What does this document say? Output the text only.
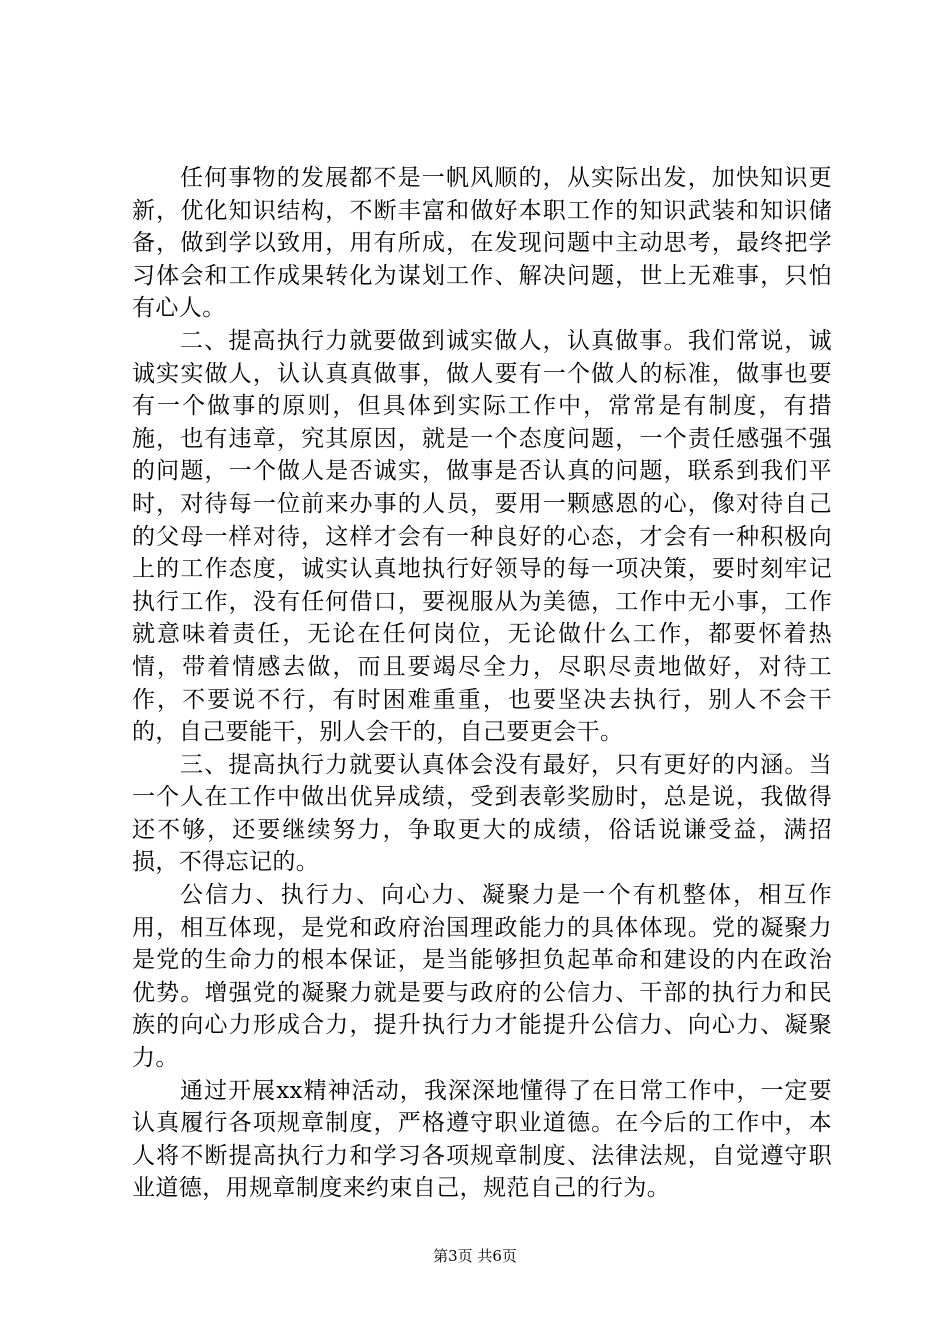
任何事物的发展都不是一帆风顺的，从实际出发，加快知识更新，优化知识结构，不断丰富和做好本职工作的知识武装和知识储备，做到学以致用，用有所成，在发现问题中主动思考，最终把学习体会和工作成果转化为谋划工作、解决问题，世上无难事，只怕有心人。

二、提高执行力就要做到诚实做人，认真做事。我们常说，诚诚实实做人，认认真真做事，做人要有一个做人的标准，做事也要有一个做事的原则，但具体到实际工作中，常常是有制度，有措施，也有违章，究其原因，就是一个态度问题，一个责任感强不强的问题，一个做人是否诚实，做事是否认真的问题，联系到我们平时，对待每一位前来办事的人员，要用一颗感恩的心，像对待自己的父母一样对待，这样才会有一种良好的心态，才会有一种积极向上的工作态度，诚实认真地执行好领导的每一项决策，要时刻牢记执行工作，没有任何借口，要视服从为美德，工作中无小事，工作就意味着责任，无论在任何岗位，无论做什么工作，都要怀着热情，带着情感去做，而且要竭尽全力，尽职尽责地做好，对待工作，不要说不行，有时困难重重，也要坚决去执行，别人不会干的，自己要能干，别人会干的，自己要更会干。

三、提高执行力就要认真体会没有最好，只有更好的内涵。当一个人在工作中做出优异成绩，受到表彰奖励时，总是说，我做得还不够，还要继续努力，争取更大的成绩，俗话说谦受益，满招损，不得忘记的。

公信力、执行力、向心力、凝聚力是一个有机整体，相互作用，相互体现，是党和政府治国理政能力的具体体现。党的凝聚力是党的生命力的根本保证，是当能够担负起革命和建设的内在政治优势。增强党的凝聚力就是要与政府的公信力、干部的执行力和民族的向心力形成合力，提升执行力才能提升公信力、向心力、凝聚力。

通过开展xx精神活动，我深深地懂得了在日常工作中，一定要认真履行各项规章制度，严格遵守职业道德。在今后的工作中，本人将不断提高执行力和学习各项规章制度、法律法规，自觉遵守职业道德，用规章制度来约束自己，规范自己的行为。

第3页 共6页
